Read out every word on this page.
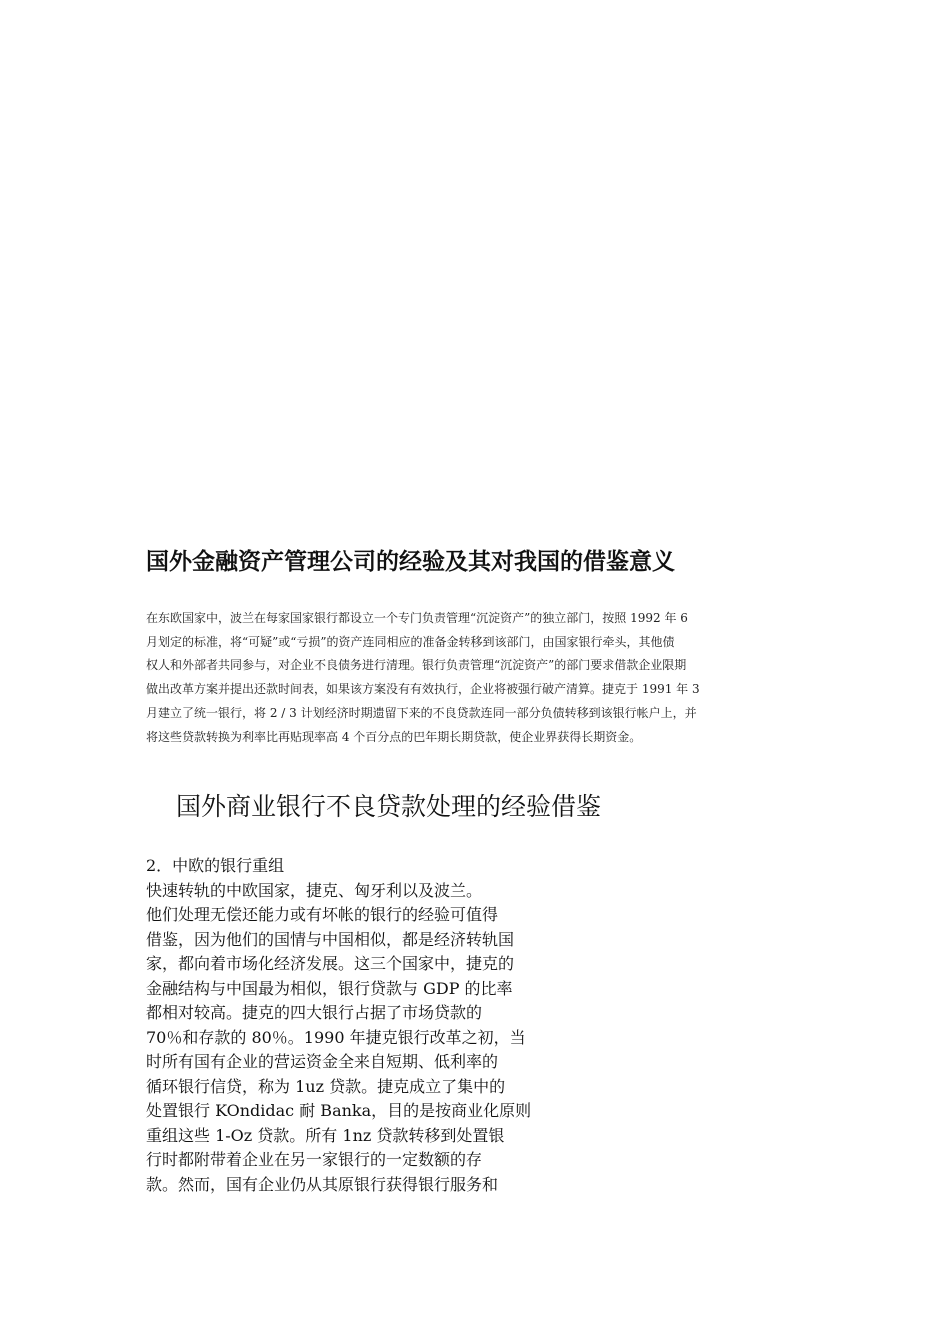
国外金融资产管理公司的经验及其对我国的借鉴意义

在东欧国家中，波兰在每家国家银行都设立一个专门负责管理“沉淀资产”的独立部门，按照 1992 年 6
月划定的标准，将“可疑”或“亏损”的资产连同相应的准备金转移到该部门，由国家银行牵头，其他债
权人和外部者共同参与，对企业不良债务进行清理。银行负责管理“沉淀资产”的部门要求借款企业限期
做出改革方案并提出还款时间表，如果该方案没有有效执行，企业将被强行破产清算。捷克于 1991 年 3
月建立了统一银行，将 2 / 3 计划经济时期遗留下来的不良贷款连同一部分负债转移到该银行帐户上，并
将这些贷款转换为利率比再贴现率高 4 个百分点的巴年期长期贷款，使企业界获得长期资金。

国外商业银行不良贷款处理的经验借鉴
2．中欧的银行重组
快速转轨的中欧国家，捷克、匈牙利以及波兰。
他们处理无偿还能力或有坏帐的银行的经验可值得
借鉴，因为他们的国情与中国相似，都是经济转轨国
家，都向着市场化经济发展。这三个国家中，捷克的
金融结构与中国最为相似，银行贷款与 GDP 的比率
都相对较高。捷克的四大银行占据了市场贷款的
70％和存款的 80％。1990 年捷克银行改革之初，当
时所有国有企业的营运资金全来自短期、低利率的
循环银行信贷，称为 1uz 贷款。捷克成立了集中的
处置银行 KOndidac 耐 Banka，目的是按商业化原则
重组这些 1-Oz 贷款。所有 1nz 贷款转移到处置银
行时都附带着企业在另一家银行的一定数额的存
款。然而，国有企业仍从其原银行获得银行服务和
